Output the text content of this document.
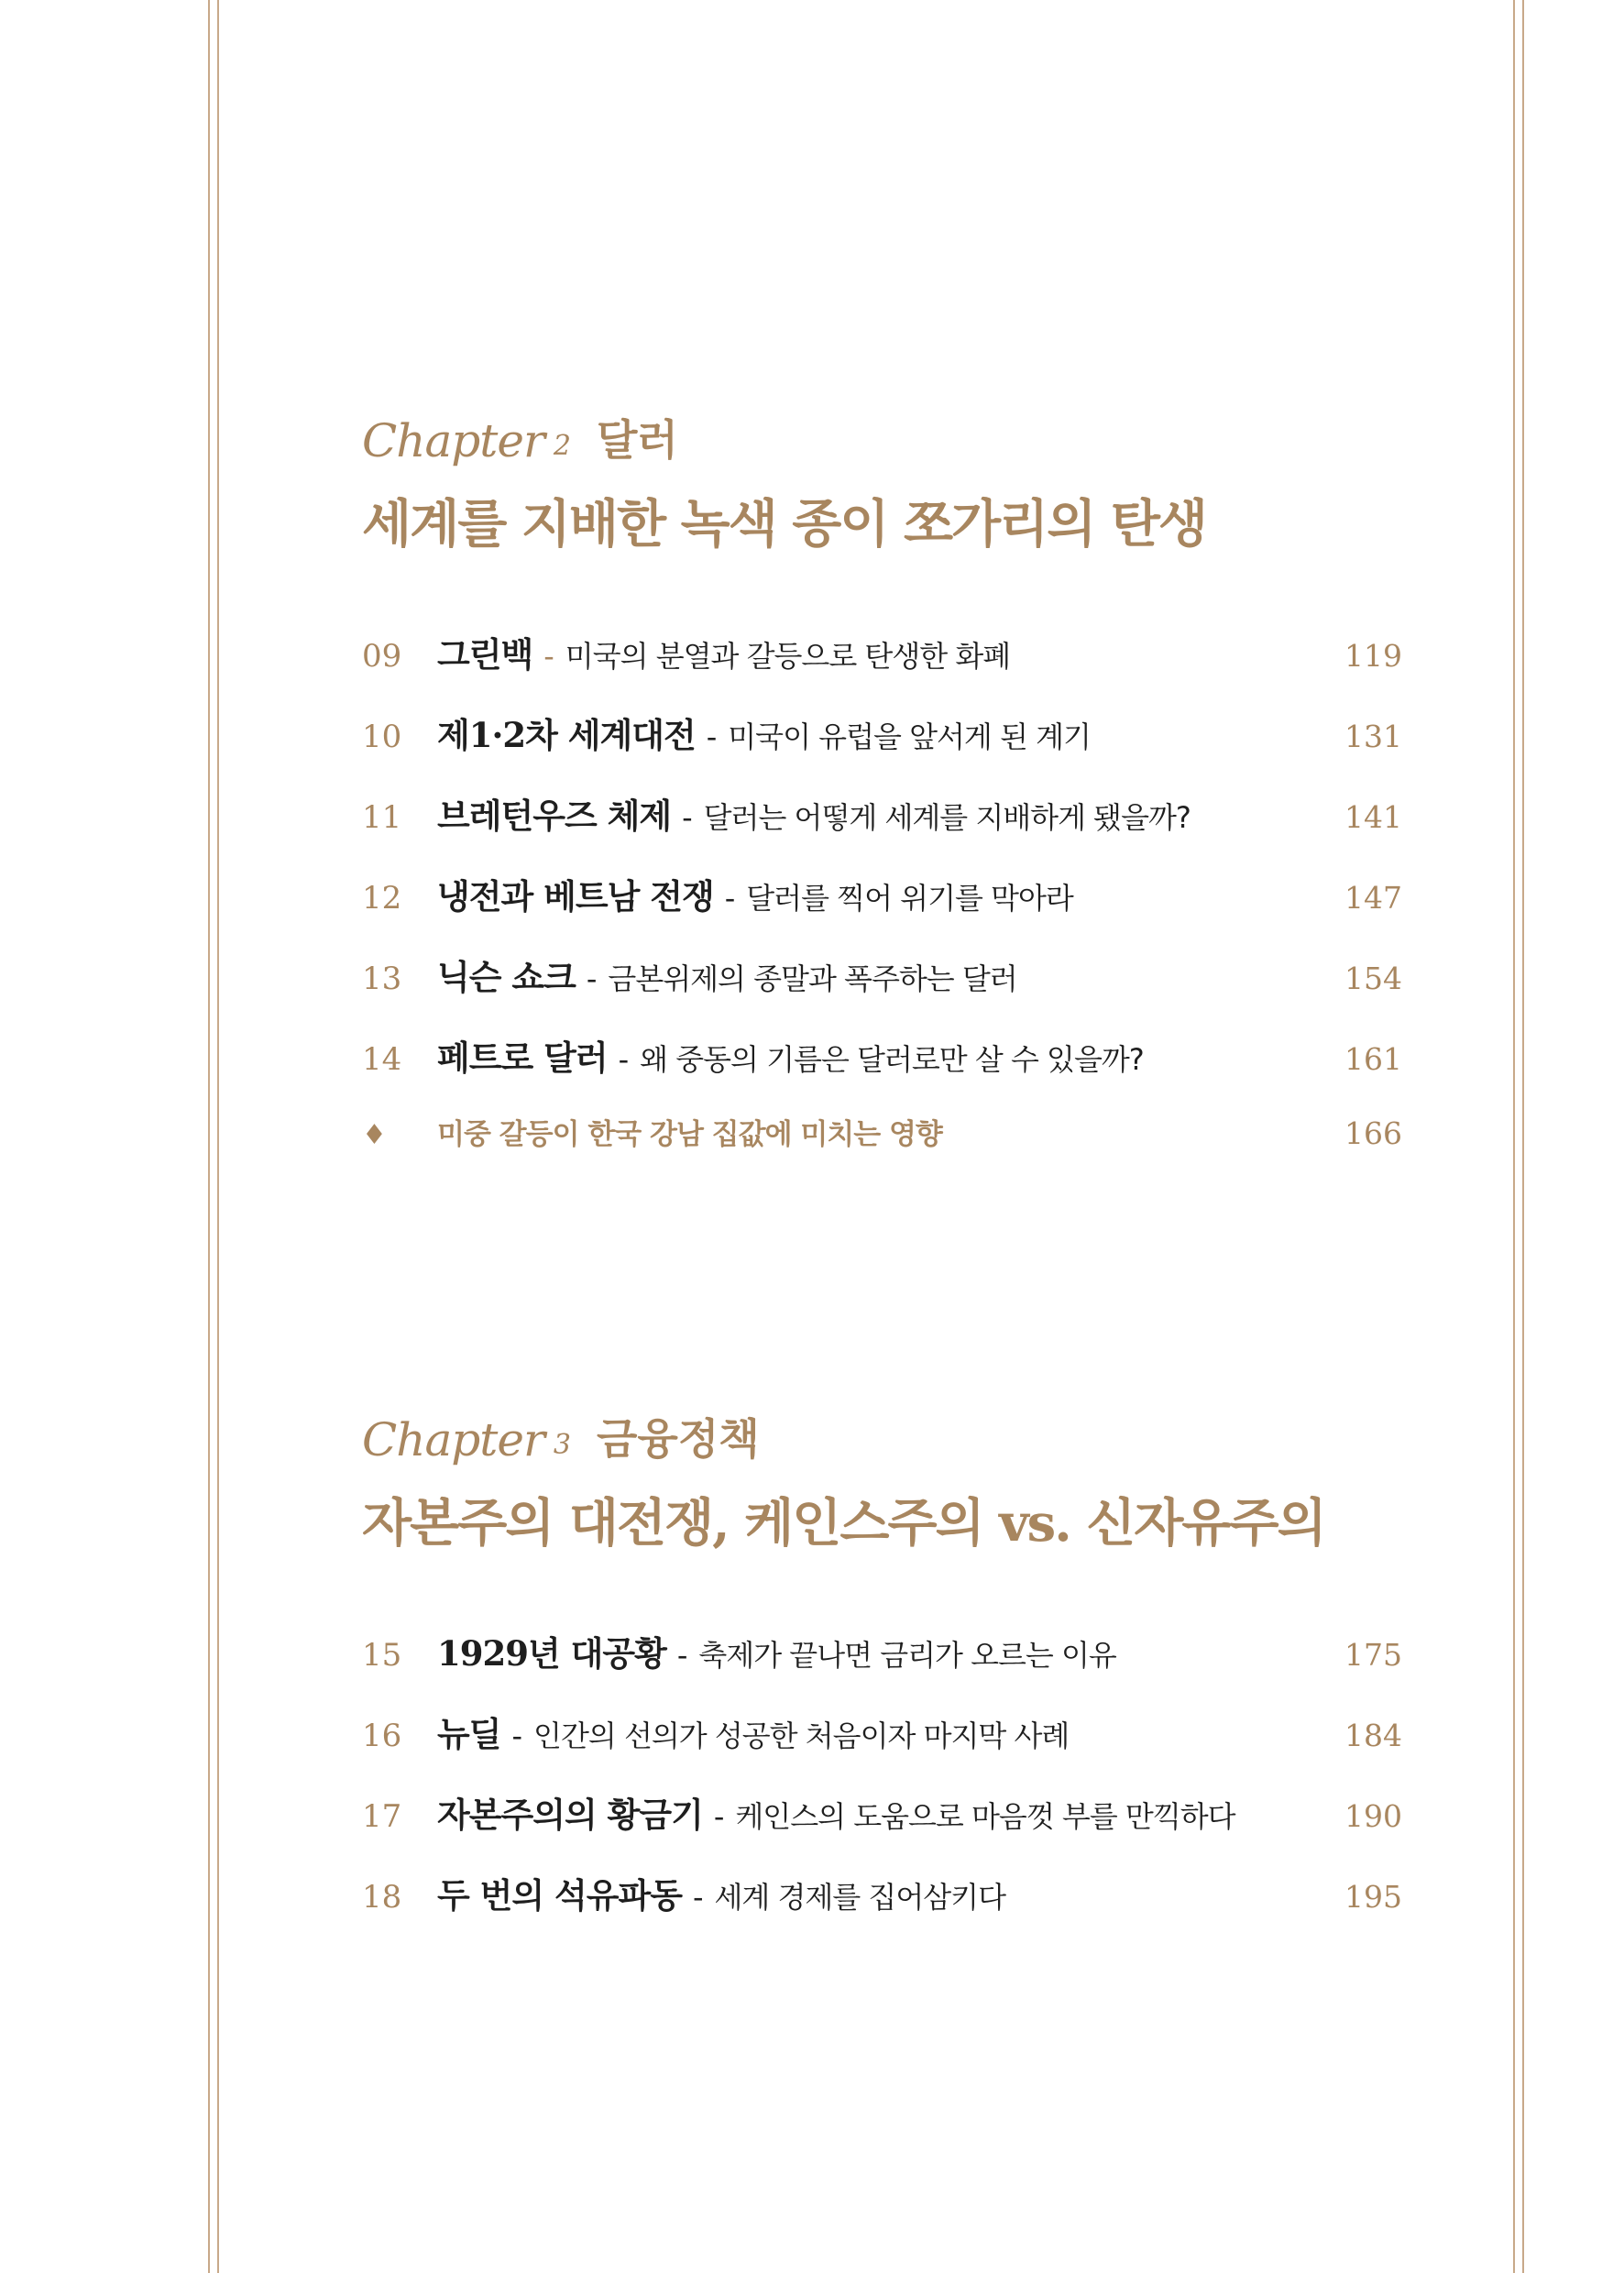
Chapter 2 달러
세계를 지배한 녹색 종이 쪼가리의 탄생
09	그린백 - 미국의 분열과 갈등으로 탄생한 화폐	119
10	제1·2차 세계대전 - 미국이 유럽을 앞서게 된 계기	131
11	브레턴우즈 체제 - 달러는 어떻게 세계를 지배하게 됐을까?	141
12	냉전과 베트남 전쟁 - 달러를 찍어 위기를 막아라	147
13	닉슨 쇼크 - 금본위제의 종말과 폭주하는 달러	154
14	페트로 달러 - 왜 중동의 기름은 달러로만 살 수 있을까?	161
♦	미중 갈등이 한국 강남 집값에 미치는 영향	166
Chapter 3 금융정책
자본주의 대전쟁, 케인스주의 vs. 신자유주의
15	1929년 대공황 - 축제가 끝나면 금리가 오르는 이유	175
16	뉴딜 - 인간의 선의가 성공한 처음이자 마지막 사례	184
17	자본주의의 황금기 - 케인스의 도움으로 마음껏 부를 만끽하다	190
18	두 번의 석유파동 - 세계 경제를 집어삼키다	195
